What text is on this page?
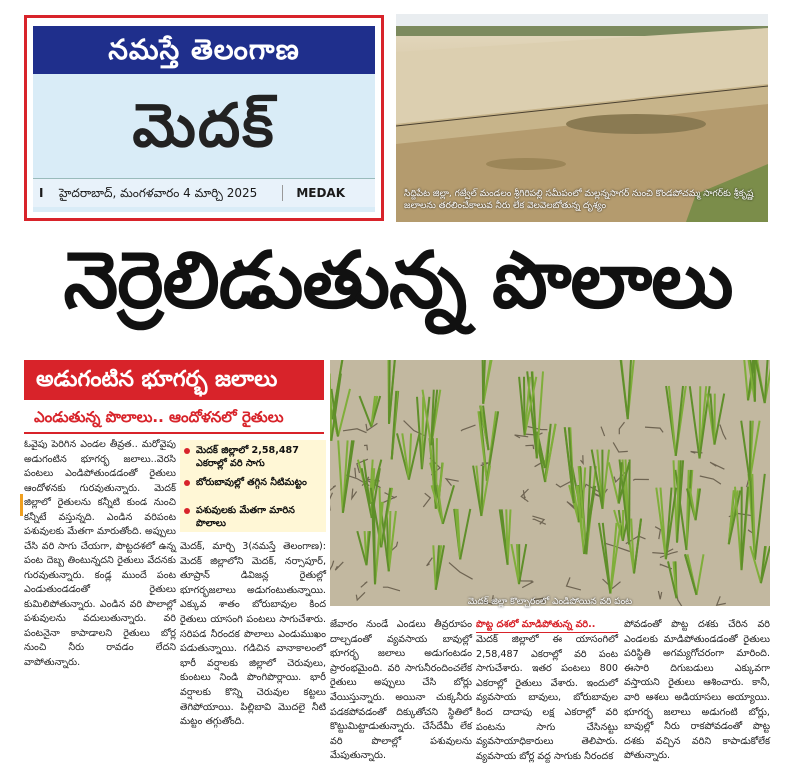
నమస్తే తెలంగాణ
మెదక్
I హైదరాబాద్, మంగళవారం 4 మార్చి 2025	MEDAK	సిద్దిపేట జిల్లా, గజ్వేల్ మండలం శ్రీగిరిపల్లి సమీపంలో మల్లన్నసాగర్ నుంచి కొండపోచమ్మ సాగర్‌కు శ్రీకృష్ణ జలాలను తరలించేకాలువ నీరు లేక వెలవెలబోతున్న దృశ్యం
నెర్రెలిడుతున్న పొలాలు
అడుగంటిన భూగర్భ జలాలు
ఎండుతున్న పొలాలు.. ఆందోళనలో రైతులు
మెదక్ జిల్లా కొల్చారంలో ఎండిపోయిన వరి పంట

ఓవైపు పెరిగిన ఎండల తీవ్రత.. మరోవైపు అడుగంటిన భూగర్భ జలాలు..వెరసి పంటలు ఎండిపోతుండడంతో రైతులు ఆందోళనకు గురవుతున్నారు. మెదక్ జిల్లాలో రైతులను కన్నీటి కుండ నుంచి కన్నీటే వస్తున్నది. ఎండిన వరిపంట పశువులకు మేతగా మారుతోంది. అప్పులు చేసి వరి సాగు చేయగా, పొట్టదశలో ఉన్న పంట దెబ్బ తింటున్నదని రైతులు వేదనకు గురవుతున్నారు. కండ్ల ముందే పంట ఎండుతుండడంతో రైతులు కుమిలిపోతున్నారు. ఎండిన వరి పొలాల్లో పశువులను వదులుతున్నారు. వరి పంటనైనా కాపాడాలని రైతులు బోర్ల నుంచి నీరు రావడం లేదని వాపోతున్నారు.

మెదక్ జిల్లాలో 2,58,487 ఎకరాల్లో వరి సాగు
బోరుబావుల్లో తగ్గిన నీటిమట్టం
పశువులకు మేతగా మారిన పొలాలు

మెదక్, మార్చి 3(నమస్తే తెలంగాణ): మెదక్ జిల్లాలోని మెదక్, నర్సాపూర్, తూప్రాన్ డివిజన్ల రైతుల్లో భూగర్భజలాలు అడుగంటుతున్నాయి. ఎక్కువ శాతం బోరుబావుల కింద రైతులు యాసంగి పంటలు సాగుచేశారు. సరిపడ నీరందక పొలాలు ఎండుముఖం పడుతున్నాయి. గడిచిన వానాకాలంలో భారీ వర్షాలకు జిల్లాలో చెరువులు, కుంటలు నిండి పొంగిపొర్లాయి. భారీ వర్షాలకు కొన్ని చెరువుల కట్టలు తెగిపోయాయి. పిల్లిబావి మొదలై నీటి మట్టం తగ్గుతోంది.

జేవారం నుండే ఎండలు తీవ్రరూపం దాల్చడంతో వ్యవసాయ బావుల్లో భూగర్భ జలాలు అడుగంటడం ప్రారంభమైంది. వరి సాగునీరందించలేక రైతులు అప్పులు చేసి బోర్లు వేయిస్తున్నారు. అయినా చుక్కనీరు పడకపోవడంతో దిక్కుతోచని స్థితిలో కొట్టుమిట్టాడుతున్నారు. చేసేదేమీ లేక వరి పొలాల్లో పశువులను మేపుతున్నారు.

పొట్ట దశలో మాడిపోతున్న వరి..

మెదక్ జిల్లాలో ఈ యాసంగిలో 2,58,487 ఎకరాల్లో వరి పంట సాగుచేశారు. ఇతర పంటలు 800 ఎకరాల్లో రైతులు వేశారు. ఇందులో వ్యవసాయ బావులు, బోరుబావుల కింద దాదాపు లక్ష ఎకరాల్లో వరి పంటను సాగు చేసినట్టు వ్యవసాయాధికారులు తెలిపారు. వ్యవసాయ బోర్ల వద్ద సాగుకు నీరందక

పోవడంతో పొట్ట దశకు చేరిన వరి ఎండలకు మాడిపోతుండడంతో రైతులు పరిస్థితి అగమ్యగోచరంగా మారింది. ఈసారి దిగుబడులు ఎక్కువగా వస్తాయని రైతులు ఆశించారు. కానీ, వారి ఆశలు అడియాసలు అయ్యాయి. భూగర్భ జలాలు అడుగంటి బోర్లు, బావుల్లో నీరు రాకపోవడంతో పొట్ట దశకు వచ్చిన వరిని కాపాడుకోలేక పోతున్నారు.
